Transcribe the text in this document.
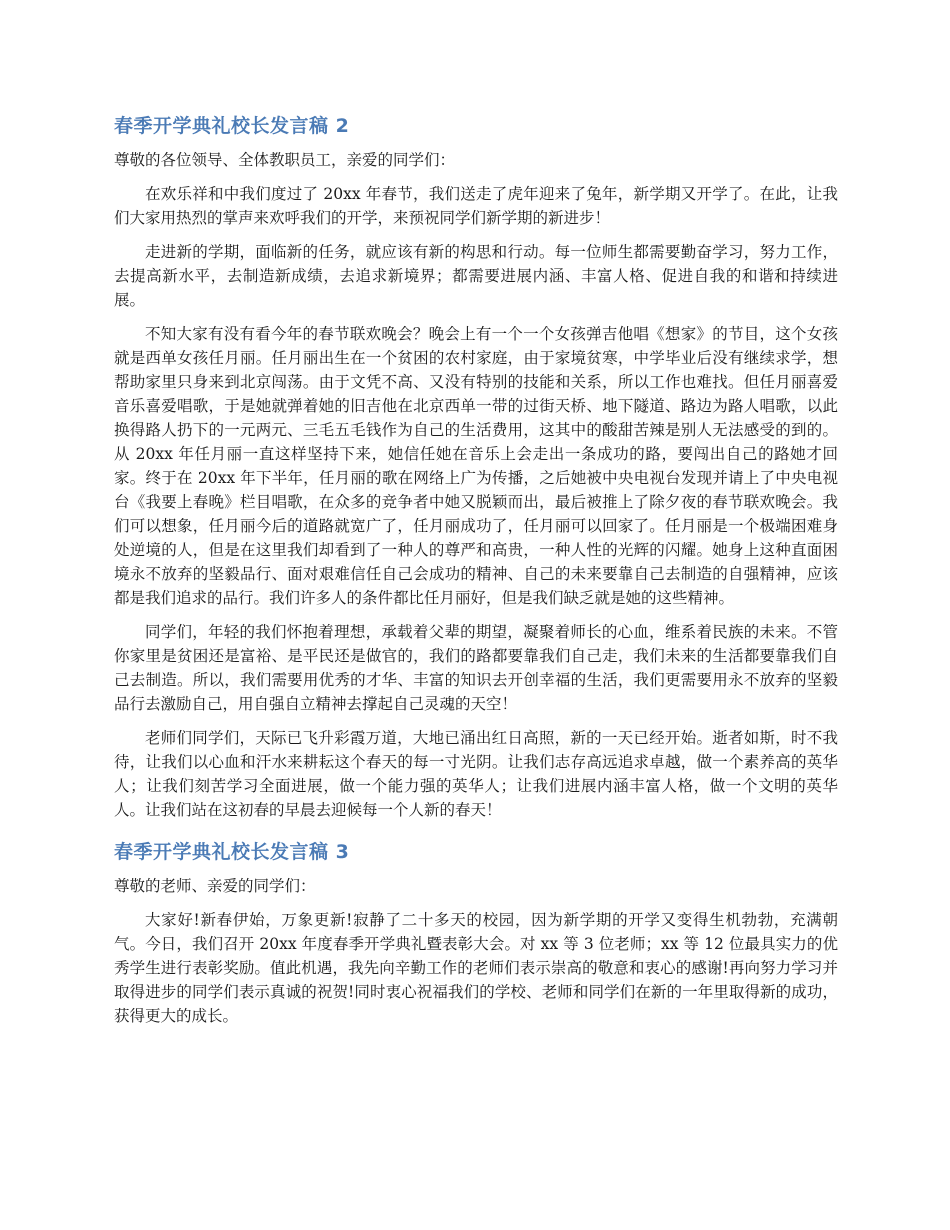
春季开学典礼校长发言稿 2

尊敬的各位领导、全体教职员工，亲爱的同学们：

在欢乐祥和中我们度过了 20xx 年春节，我们送走了虎年迎来了兔年，新学期又开学了。在此，让我们大家用热烈的掌声来欢呼我们的开学，来预祝同学们新学期的新进步！

走进新的学期，面临新的任务，就应该有新的构思和行动。每一位师生都需要勤奋学习，努力工作，去提高新水平，去制造新成绩，去追求新境界；都需要进展内涵、丰富人格、促进自我的和谐和持续进展。

不知大家有没有看今年的春节联欢晚会？晚会上有一个一个女孩弹吉他唱《想家》的节目，这个女孩就是西单女孩任月丽。任月丽出生在一个贫困的农村家庭，由于家境贫寒，中学毕业后没有继续求学，想帮助家里只身来到北京闯荡。由于文凭不高、又没有特别的技能和关系，所以工作也难找。但任月丽喜爱音乐喜爱唱歌，于是她就弹着她的旧吉他在北京西单一带的过街天桥、地下隧道、路边为路人唱歌，以此换得路人扔下的一元两元、三毛五毛钱作为自己的生活费用，这其中的酸甜苦辣是别人无法感受的到的。从 20xx 年任月丽一直这样坚持下来，她信任她在音乐上会走出一条成功的路，要闯出自己的路她才回家。终于在 20xx 年下半年，任月丽的歌在网络上广为传播，之后她被中央电视台发现并请上了中央电视台《我要上春晚》栏目唱歌，在众多的竞争者中她又脱颖而出，最后被推上了除夕夜的春节联欢晚会。我们可以想象，任月丽今后的道路就宽广了，任月丽成功了，任月丽可以回家了。任月丽是一个极端困难身处逆境的人，但是在这里我们却看到了一种人的尊严和高贵，一种人性的光辉的闪耀。她身上这种直面困境永不放弃的坚毅品行、面对艰难信任自己会成功的精神、自己的未来要靠自己去制造的自强精神，应该都是我们追求的品行。我们许多人的条件都比任月丽好，但是我们缺乏就是她的这些精神。

同学们，年轻的我们怀抱着理想，承载着父辈的期望，凝聚着师长的心血，维系着民族的未来。不管你家里是贫困还是富裕、是平民还是做官的，我们的路都要靠我们自己走，我们未来的生活都要靠我们自己去制造。所以，我们需要用优秀的才华、丰富的知识去开创幸福的生活，我们更需要用永不放弃的坚毅品行去激励自己，用自强自立精神去撑起自己灵魂的天空！

老师们同学们，天际已飞升彩霞万道，大地已涌出红日高照，新的一天已经开始。逝者如斯，时不我待，让我们以心血和汗水来耕耘这个春天的每一寸光阴。让我们志存高远追求卓越，做一个素养高的英华人；让我们刻苦学习全面进展，做一个能力强的英华人；让我们进展内涵丰富人格，做一个文明的英华人。让我们站在这初春的早晨去迎候每一个人新的春天！

春季开学典礼校长发言稿 3

尊敬的老师、亲爱的同学们：

大家好!新春伊始，万象更新!寂静了二十多天的校园，因为新学期的开学又变得生机勃勃，充满朝气。今日，我们召开 20xx 年度春季开学典礼暨表彰大会。对 xx 等 3 位老师；xx 等 12 位最具实力的优秀学生进行表彰奖励。值此机遇，我先向辛勤工作的老师们表示崇高的敬意和衷心的感谢!再向努力学习并取得进步的同学们表示真诚的祝贺!同时衷心祝福我们的学校、老师和同学们在新的一年里取得新的成功，获得更大的成长。
